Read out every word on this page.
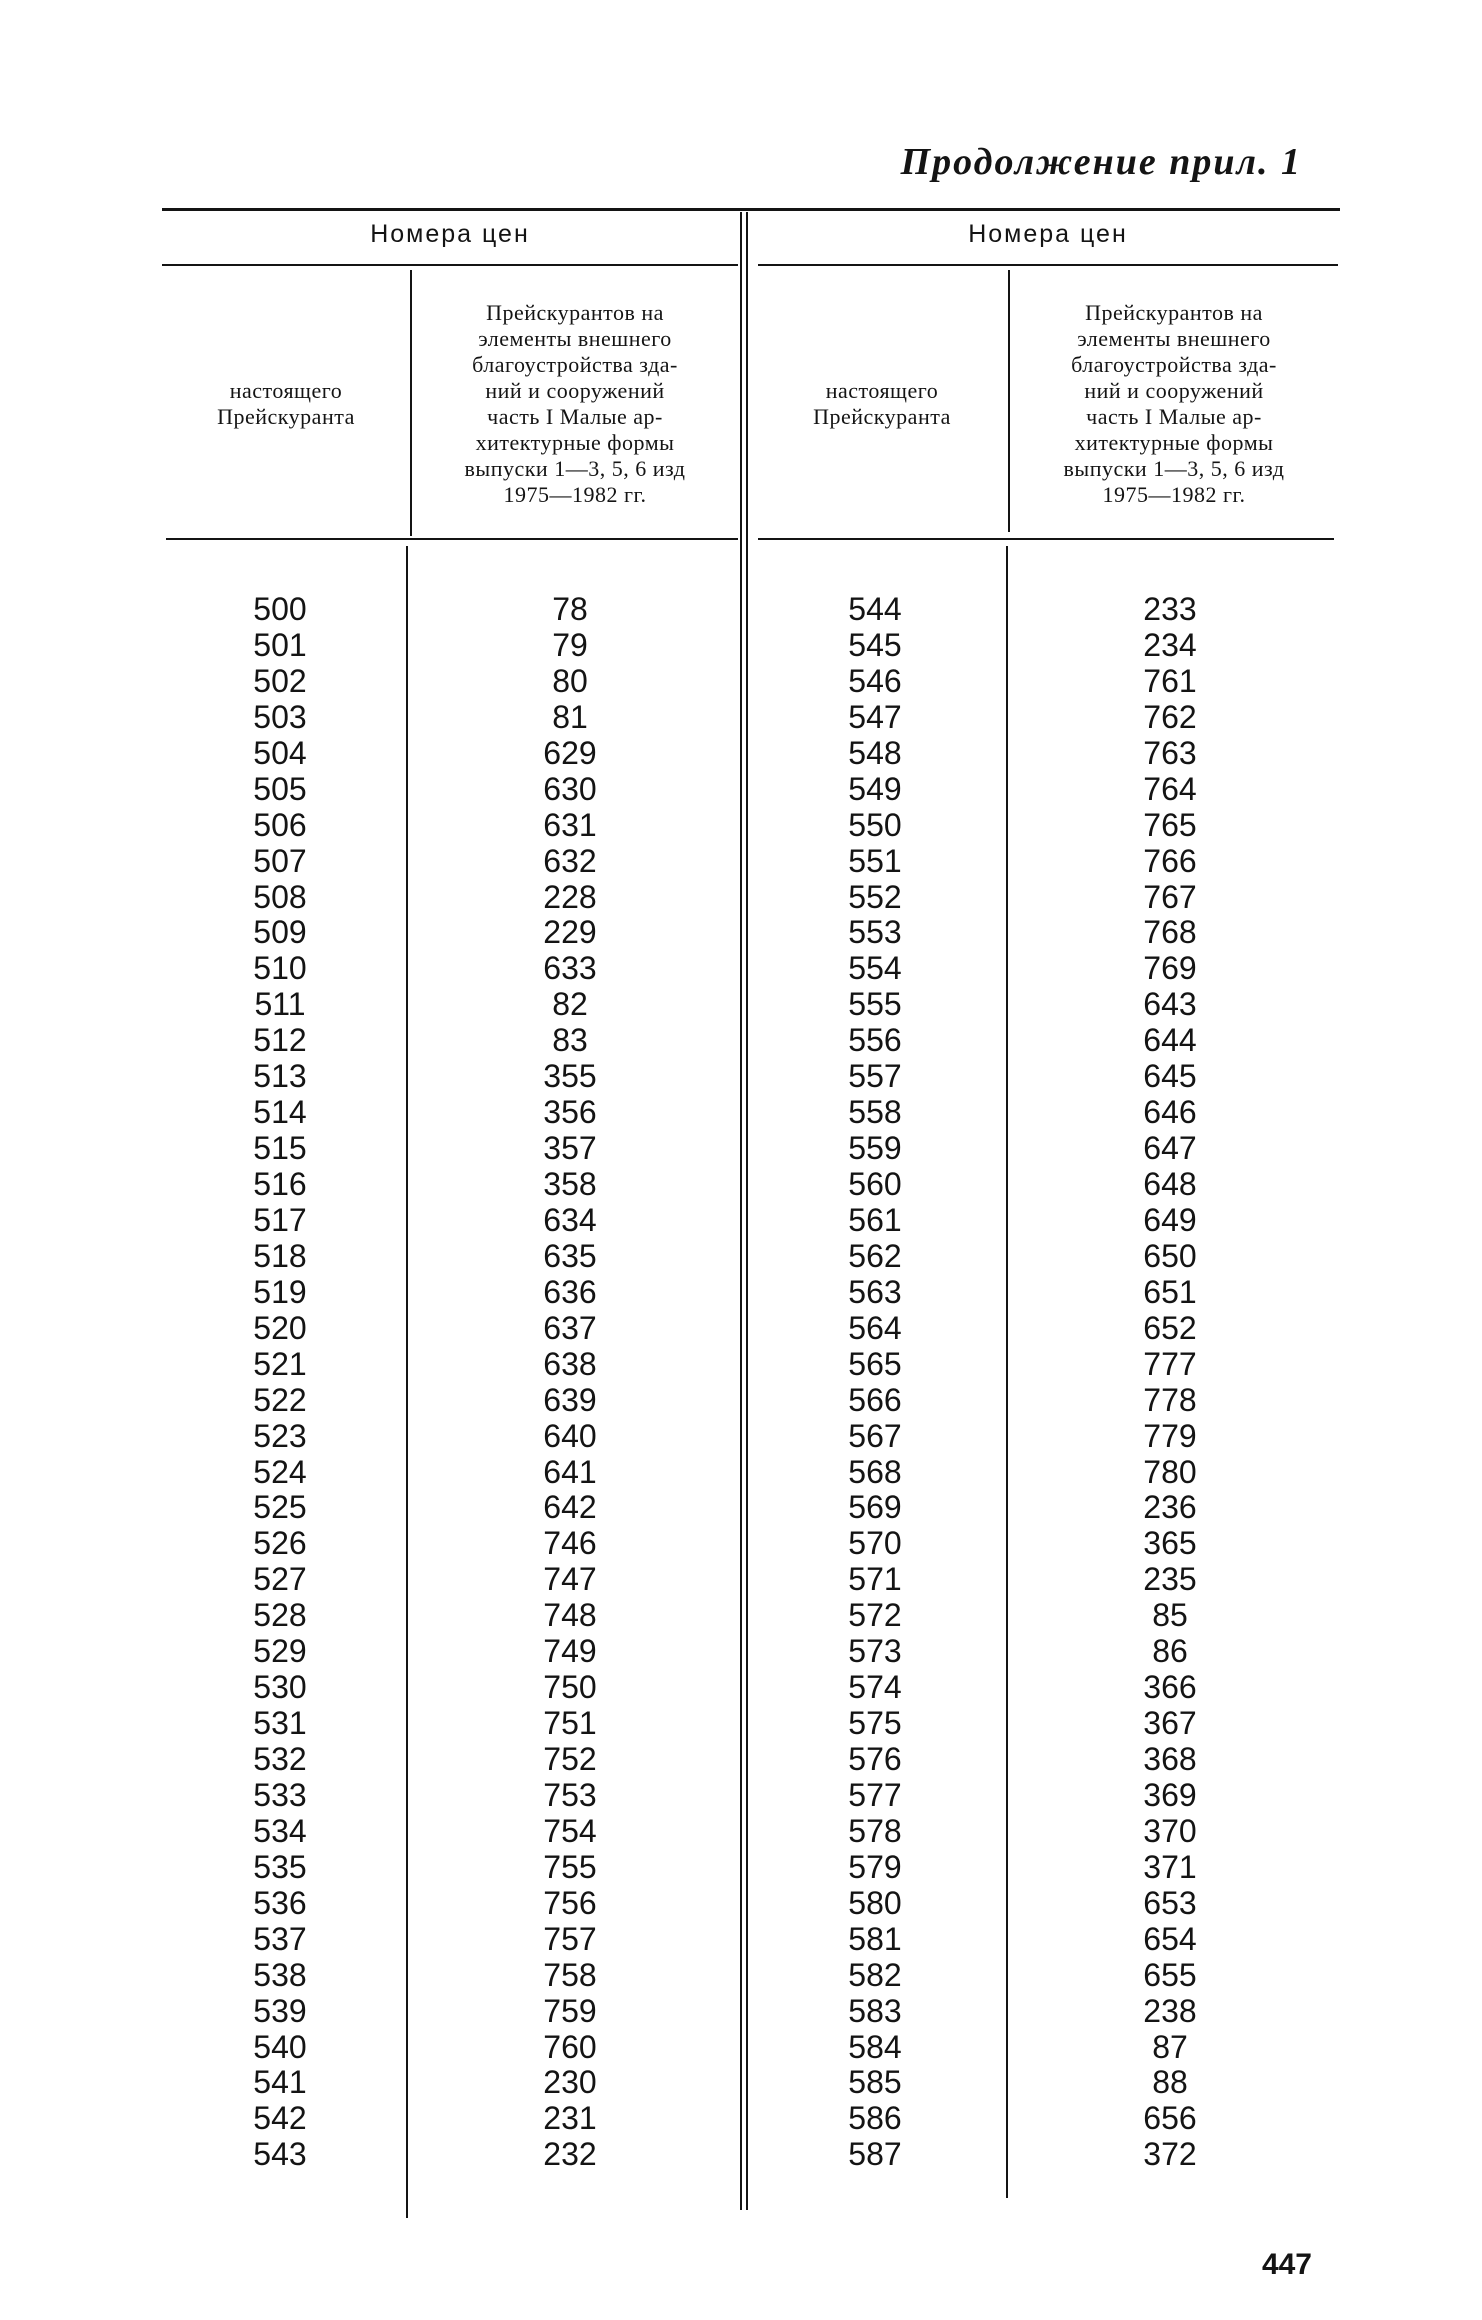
Продолжение прил. 1
Номера цен	Номера цен
настоящего
Прейскуранта
Прейскурантов на
элементы внешнего
благоустройства зда-
ний и сооружений
часть I Малые ар-
хитектурные формы
выпуски 1—3, 5, 6 изд
1975—1982 гг.
настоящего
Прейскуранта
Прейскурантов на
элементы внешнего
благоустройства зда-
ний и сооружений
часть I Малые ар-
хитектурные формы
выпуски 1—3, 5, 6 изд
1975—1982 гг.
500
501
502
503
504
505
506
507
508
509
510
511
512
513
514
515
516
517
518
519
520
521
522
523
524
525
526
527
528
529
530
531
532
533
534
535
536
537
538
539
540
541
542
543
78
79
80
81
629
630
631
632
228
229
633
82
83
355
356
357
358
634
635
636
637
638
639
640
641
642
746
747
748
749
750
751
752
753
754
755
756
757
758
759
760
230
231
232
544
545
546
547
548
549
550
551
552
553
554
555
556
557
558
559
560
561
562
563
564
565
566
567
568
569
570
571
572
573
574
575
576
577
578
579
580
581
582
583
584
585
586
587
233
234
761
762
763
764
765
766
767
768
769
643
644
645
646
647
648
649
650
651
652
777
778
779
780
236
365
235
85
86
366
367
368
369
370
371
653
654
655
238
87
88
656
372
447
